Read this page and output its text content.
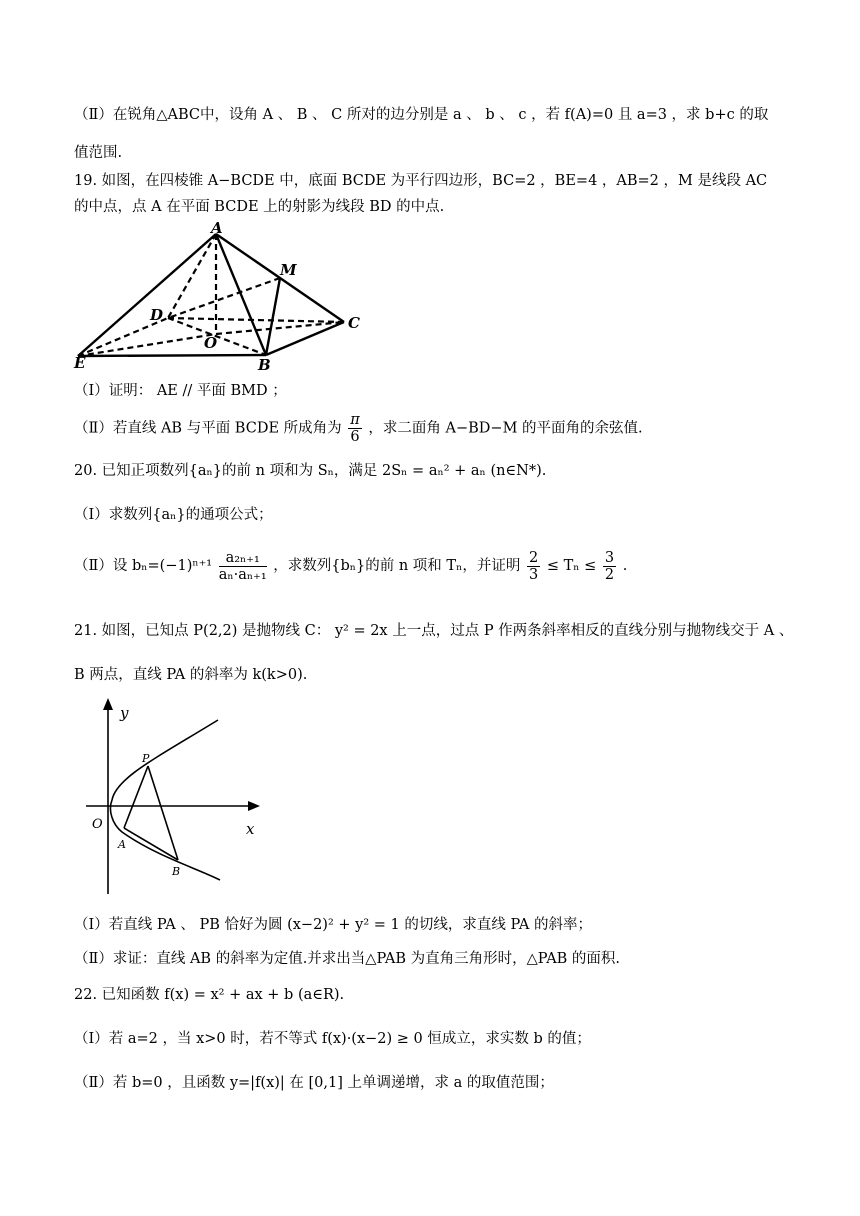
（Ⅱ）在锐角△ABC中，设角 A 、 B 、 C 所对的边分别是 a 、 b 、 c ，若 f(A)=0 且 a=3 ，求 b+c 的取
值范围.
19. 如图，在四棱锥 A−BCDE 中，底面 BCDE 为平行四边形，BC=2 ，BE=4 ，AB=2 ，M 是线段 AC
的中点，点 A 在平面 BCDE 上的射影为线段 BD 的中点.
A
M
D	C
O
E	B
（Ⅰ）证明： AE // 平面 BMD ；
（Ⅱ）若直线 AB 与平面 BCDE 所成角为 $\frac{\pi}{6}$ ，求二面角 A−BD−M 的平面角的余弦值.
20. 已知正项数列{aₙ}的前 n 项和为 Sₙ，满足 2Sₙ = aₙ² + aₙ (n∈N*).
（Ⅰ）求数列{aₙ}的通项公式；
（Ⅱ）设 $b_n=(-1)^{n+1} \frac{\text{a₂ₙ₊₁}}{\text{aₙ·aₙ₊₁}}$ ，求数列{bₙ}的前 n 项和 Tₙ，并证明 $\frac{2}{3} \le T_n \le \frac{3}{2}$ .
21. 如图，已知点 P(2,2) 是抛物线 C： y² = 2x 上一点，过点 P 作两条斜率相反的直线分别与抛物线交于 A 、
B 两点，直线 PA 的斜率为 k(k>0).
y
x
O
P
A
B
（Ⅰ）若直线 PA 、 PB 恰好为圆 (x−2)² + y² = 1 的切线，求直线 PA 的斜率；
（Ⅱ）求证：直线 AB 的斜率为定值.并求出当△PAB 为直角三角形时，△PAB 的面积.
22. 已知函数 f(x) = x² + ax + b (a∈R).
（Ⅰ）若 a=2 ，当 x>0 时，若不等式 f(x)·(x−2) ≥ 0 恒成立，求实数 b 的值；
（Ⅱ）若 b=0 ，且函数 y=|f(x)| 在 [0,1] 上单调递增，求 a 的取值范围；
